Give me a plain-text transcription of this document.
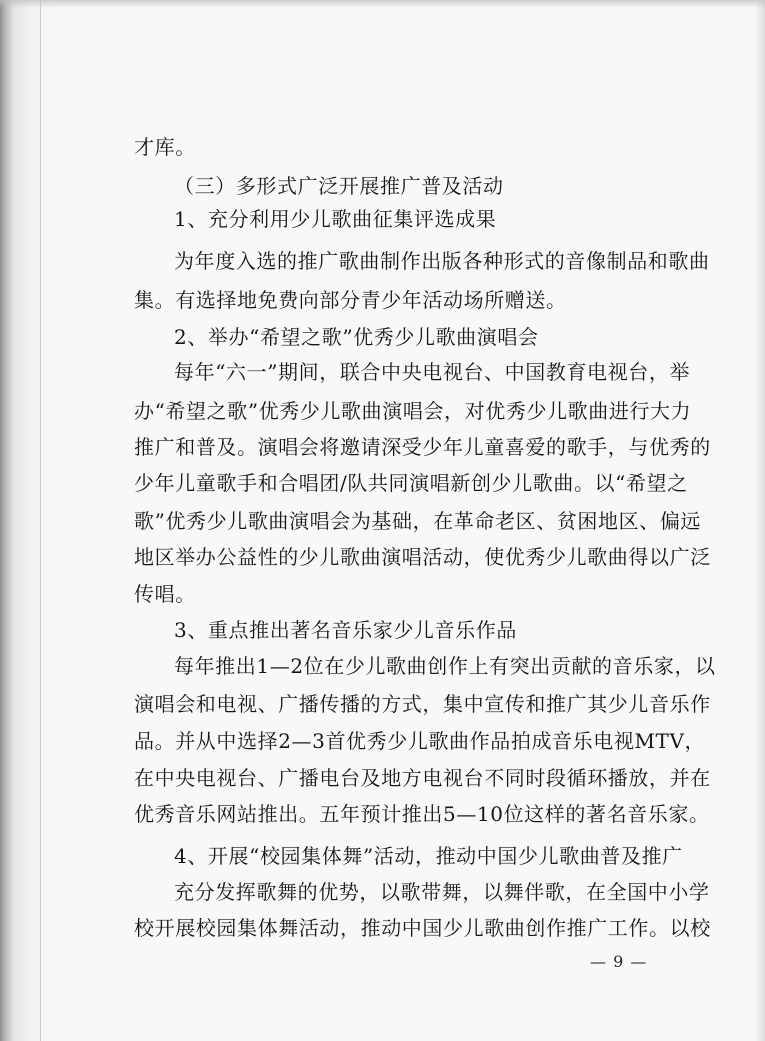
才库。
（三）多形式广泛开展推广普及活动
1、充分利用少儿歌曲征集评选成果
为年度入选的推广歌曲制作出版各种形式的音像制品和歌曲
集。有选择地免费向部分青少年活动场所赠送。
2、举办“希望之歌”优秀少儿歌曲演唱会
每年“六一”期间，联合中央电视台、中国教育电视台，举
办“希望之歌”优秀少儿歌曲演唱会，对优秀少儿歌曲进行大力
推广和普及。演唱会将邀请深受少年儿童喜爱的歌手，与优秀的
少年儿童歌手和合唱团/队共同演唱新创少儿歌曲。以“希望之
歌”优秀少儿歌曲演唱会为基础，在革命老区、贫困地区、偏远
地区举办公益性的少儿歌曲演唱活动，使优秀少儿歌曲得以广泛
传唱。
3、重点推出著名音乐家少儿音乐作品
每年推出1—2位在少儿歌曲创作上有突出贡献的音乐家，以
演唱会和电视、广播传播的方式，集中宣传和推广其少儿音乐作
品。并从中选择2—3首优秀少儿歌曲作品拍成音乐电视MTV，
在中央电视台、广播电台及地方电视台不同时段循环播放，并在
优秀音乐网站推出。五年预计推出5—10位这样的著名音乐家。
4、开展“校园集体舞”活动，推动中国少儿歌曲普及推广
充分发挥歌舞的优势，以歌带舞，以舞伴歌，在全国中小学
校开展校园集体舞活动，推动中国少儿歌曲创作推广工作。以校
— 9 —
